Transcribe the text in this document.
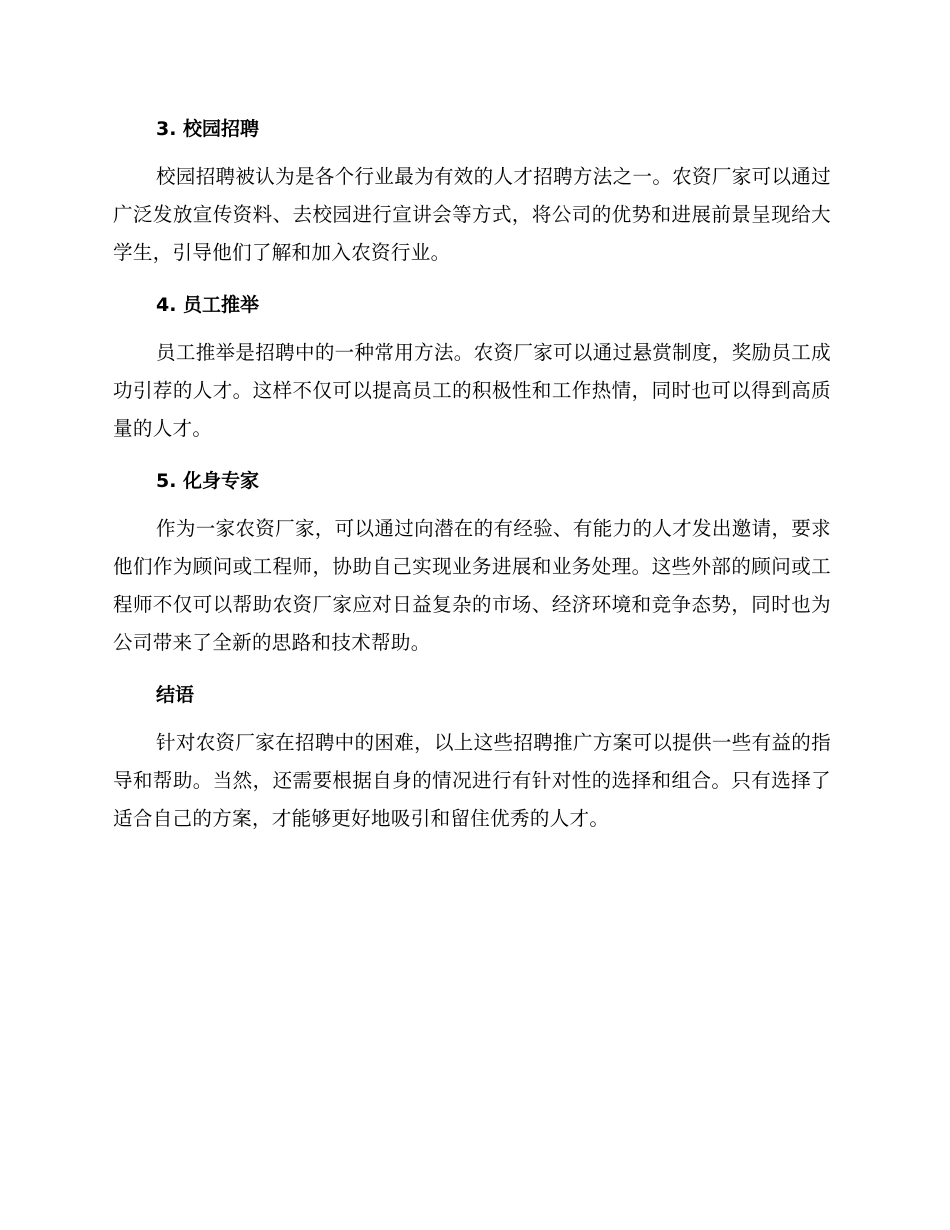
3. 校园招聘

校园招聘被认为是各个行业最为有效的人才招聘方法之一。农资厂家可以通过广泛发放宣传资料、去校园进行宣讲会等方式，将公司的优势和进展前景呈现给大学生，引导他们了解和加入农资行业。

4. 员工推举

员工推举是招聘中的一种常用方法。农资厂家可以通过悬赏制度，奖励员工成功引荐的人才。这样不仅可以提高员工的积极性和工作热情，同时也可以得到高质量的人才。

5. 化身专家

作为一家农资厂家，可以通过向潜在的有经验、有能力的人才发出邀请，要求他们作为顾问或工程师，协助自己实现业务进展和业务处理。这些外部的顾问或工程师不仅可以帮助农资厂家应对日益复杂的市场、经济环境和竞争态势，同时也为公司带来了全新的思路和技术帮助。

结语

针对农资厂家在招聘中的困难，以上这些招聘推广方案可以提供一些有益的指导和帮助。当然，还需要根据自身的情况进行有针对性的选择和组合。只有选择了适合自己的方案，才能够更好地吸引和留住优秀的人才。
